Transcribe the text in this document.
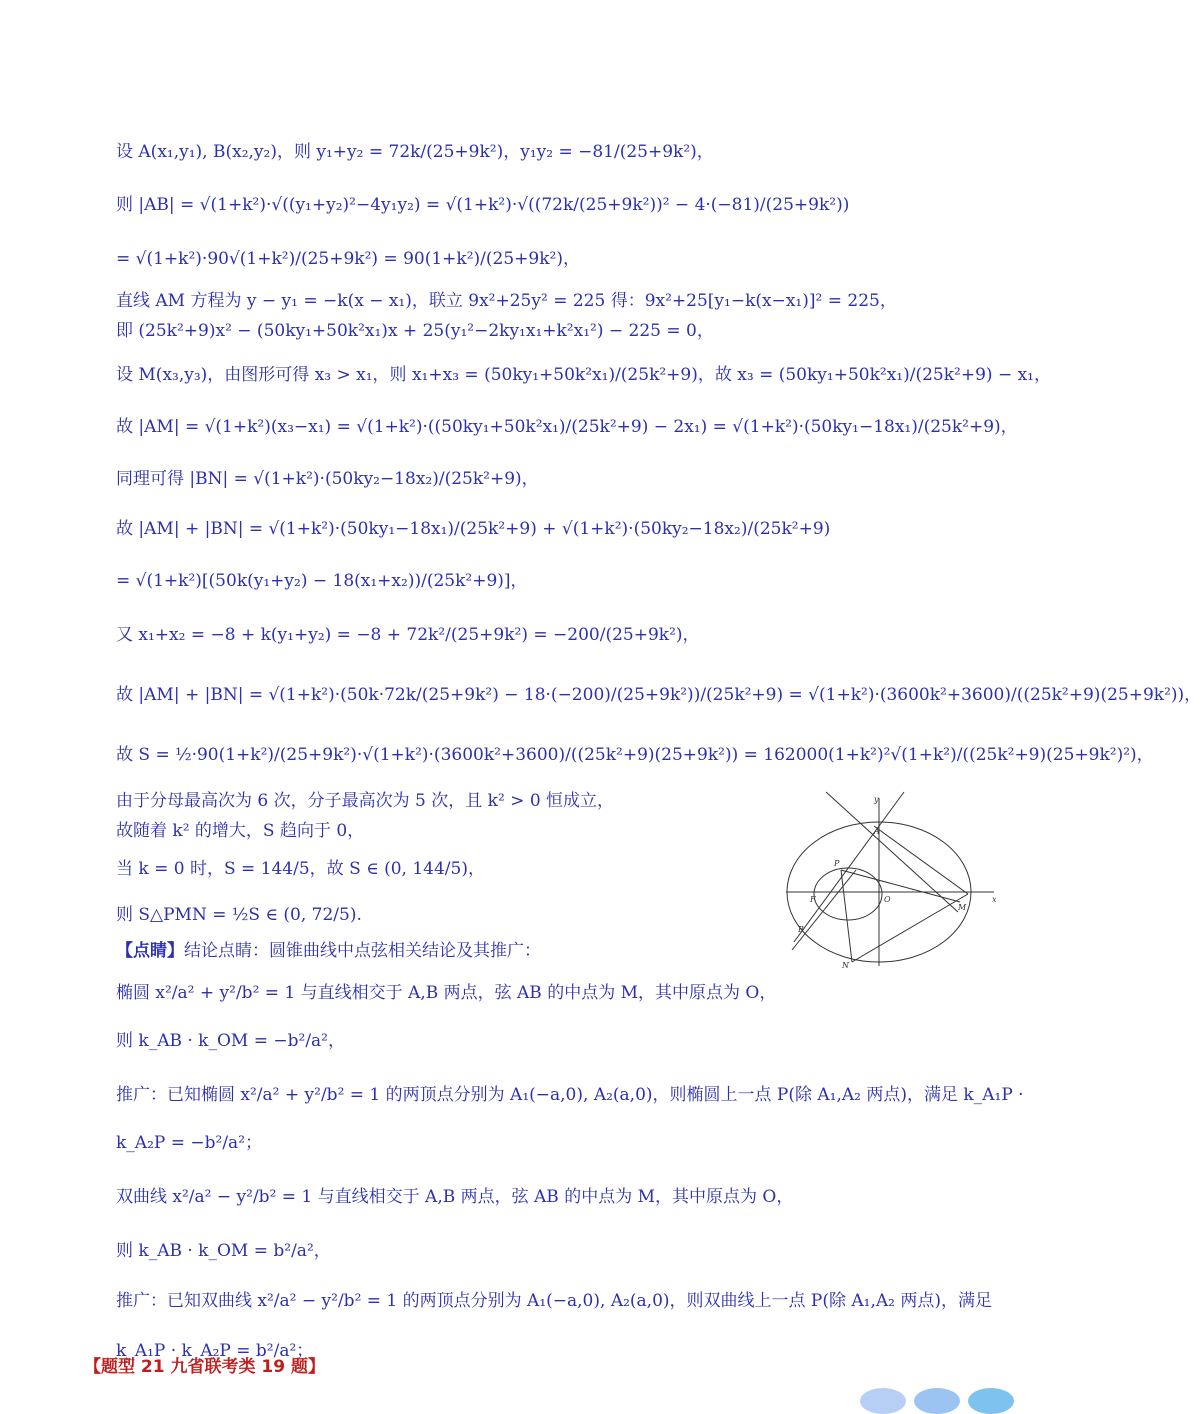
设 A(x₁,y₁), B(x₂,y₂)，则 y₁+y₂ = 72k/(25+9k²)，y₁y₂ = −81/(25+9k²)，
则 |AB| = √(1+k²)·√((y₁+y₂)²−4y₁y₂) = √(1+k²)·√((72k/(25+9k²))² − 4·(−81)/(25+9k²))
= √(1+k²)·90√(1+k²)/(25+9k²) = 90(1+k²)/(25+9k²)，
直线 AM 方程为 y − y₁ = −k(x − x₁)，联立 9x²+25y² = 225 得：9x²+25[y₁−k(x−x₁)]² = 225，
即 (25k²+9)x² − (50ky₁+50k²x₁)x + 25(y₁²−2ky₁x₁+k²x₁²) − 225 = 0，
设 M(x₃,y₃)，由图形可得 x₃ > x₁，则 x₁+x₃ = (50ky₁+50k²x₁)/(25k²+9)，故 x₃ = (50ky₁+50k²x₁)/(25k²+9) − x₁，
故 |AM| = √(1+k²)(x₃−x₁) = √(1+k²)·((50ky₁+50k²x₁)/(25k²+9) − 2x₁) = √(1+k²)·(50ky₁−18x₁)/(25k²+9)，
同理可得 |BN| = √(1+k²)·(50ky₂−18x₂)/(25k²+9)，
故 |AM| + |BN| = √(1+k²)·(50ky₁−18x₁)/(25k²+9) + √(1+k²)·(50ky₂−18x₂)/(25k²+9)
= √(1+k²)[(50k(y₁+y₂) − 18(x₁+x₂))/(25k²+9)]，
又 x₁+x₂ = −8 + k(y₁+y₂) = −8 + 72k²/(25+9k²) = −200/(25+9k²)，
故 |AM| + |BN| = √(1+k²)·(50k·72k/(25+9k²) − 18·(−200)/(25+9k²))/(25k²+9) = √(1+k²)·(3600k²+3600)/((25k²+9)(25+9k²))，
故 S = ½·90(1+k²)/(25+9k²)·√(1+k²)·(3600k²+3600)/((25k²+9)(25+9k²)) = 162000(1+k²)²√(1+k²)/((25k²+9)(25+9k²)²)，
由于分母最高次为 6 次，分子最高次为 5 次，且 k² > 0 恒成立，
故随着 k² 的增大，S 趋向于 0，
当 k = 0 时，S = 144/5，故 S ∈ (0, 144/5)，
则 S△PMN = ½S ∈ (0, 72/5).
【点睛】结论点睛：圆锥曲线中点弦相关结论及其推广：
椭圆 x²/a² + y²/b² = 1 与直线相交于 A,B 两点，弦 AB 的中点为 M，其中原点为 O，
则 k_AB · k_OM = −b²/a²，
推广：已知椭圆 x²/a² + y²/b² = 1 的两顶点分别为 A₁(−a,0), A₂(a,0)，则椭圆上一点 P(除 A₁,A₂ 两点)，满足 k_A₁P ·
k_A₂P = −b²/a²；
双曲线 x²/a² − y²/b² = 1 与直线相交于 A,B 两点，弦 AB 的中点为 M，其中原点为 O，
则 k_AB · k_OM = b²/a²，
推广：已知双曲线 x²/a² − y²/b² = 1 的两顶点分别为 A₁(−a,0), A₂(a,0)，则双曲线上一点 P(除 A₁,A₂ 两点)，满足
k_A₁P · k_A₂P = b²/a²；
【题型 21 九省联考类 19 题】
y
x
A
P
F	O
M
B
N
